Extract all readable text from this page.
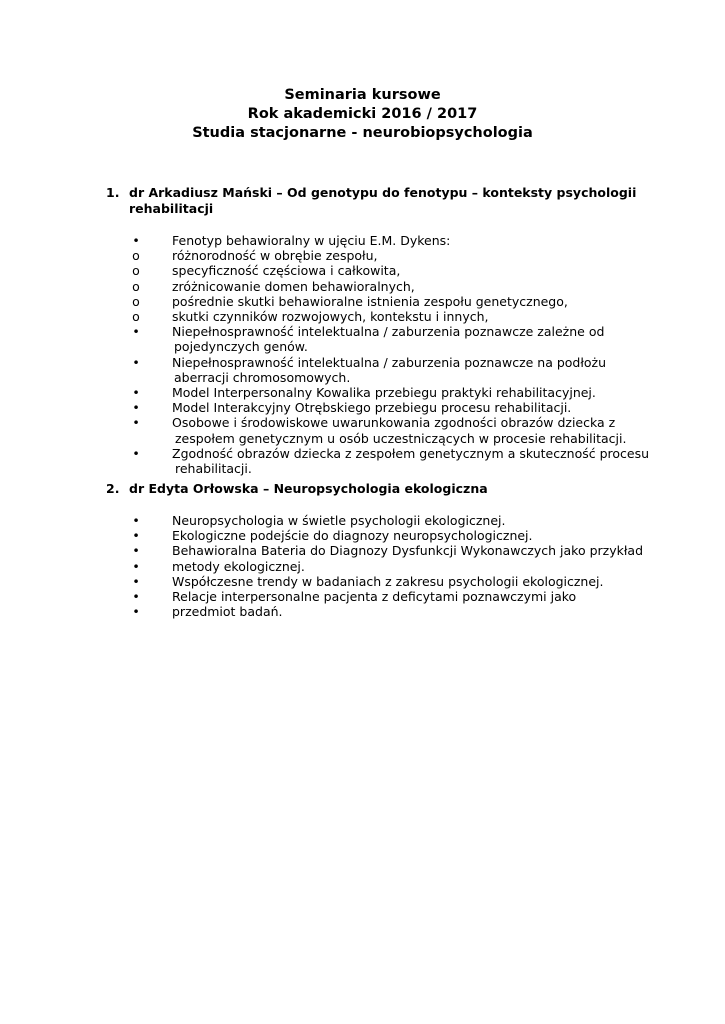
Seminaria kursowe
Rok akademicki 2016 / 2017
Studia stacjonarne - neurobiopsychologia
1. dr Arkadiusz Mański – Od genotypu do fenotypu – konteksty psychologii
rehabilitacji
•	Fenotyp behawioralny w ujęciu E.M. Dykens:
o	różnorodność w obrębie zespołu,
o	specyficzność częściowa i całkowita,
o	zróżnicowanie domen behawioralnych,
o	pośrednie skutki behawioralne istnienia zespołu genetycznego,
o	skutki czynników rozwojowych, kontekstu i innych,
•	Niepełnosprawność intelektualna / zaburzenia poznawcze zależne od
pojedynczych genów.
•	Niepełnosprawność intelektualna / zaburzenia poznawcze na podłożu
aberracji chromosomowych.
•	Model Interpersonalny Kowalika przebiegu praktyki rehabilitacyjnej.
•	Model Interakcyjny Otrębskiego przebiegu procesu rehabilitacji.
•	Osobowe i środowiskowe uwarunkowania zgodności obrazów dziecka z
zespołem genetycznym u osób uczestniczących w procesie rehabilitacji.
•	Zgodność obrazów dziecka z zespołem genetycznym a skuteczność procesu
rehabilitacji.
2. dr Edyta Orłowska – Neuropsychologia ekologiczna
•	Neuropsychologia w świetle psychologii ekologicznej.
•	Ekologiczne podejście do diagnozy neuropsychologicznej.
•	Behawioralna Bateria do Diagnozy Dysfunkcji Wykonawczych jako przykład
•	metody ekologicznej.
•	Współczesne trendy w badaniach z zakresu psychologii ekologicznej.
•	Relacje interpersonalne pacjenta z deficytami poznawczymi jako
•	przedmiot badań.
